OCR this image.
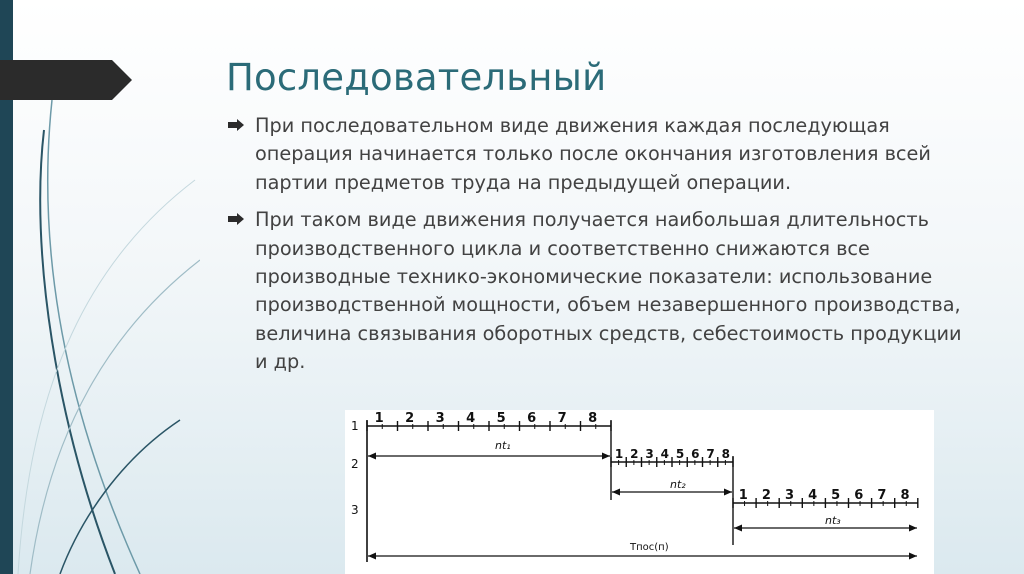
Последовательный
При последовательном виде движения каждая последующая операция начинается только после окончания изготовления всей партии предметов труда на предыдущей операции.
При таком виде движения получается наибольшая длительность производственного цикла и соответственно снижаются все производные технико-экономические показатели: использование производственной мощности, объем незавершенного производства, величина связывания оборотных средств, себестоимость продукции и др.
1 1 2 3 4 5 6 7 8
nt₁
2
1 2 3 4 5 6 7 8
nt₂
3
1 2 3 4 5 6 7 8
nt₃
Tпос(п)
